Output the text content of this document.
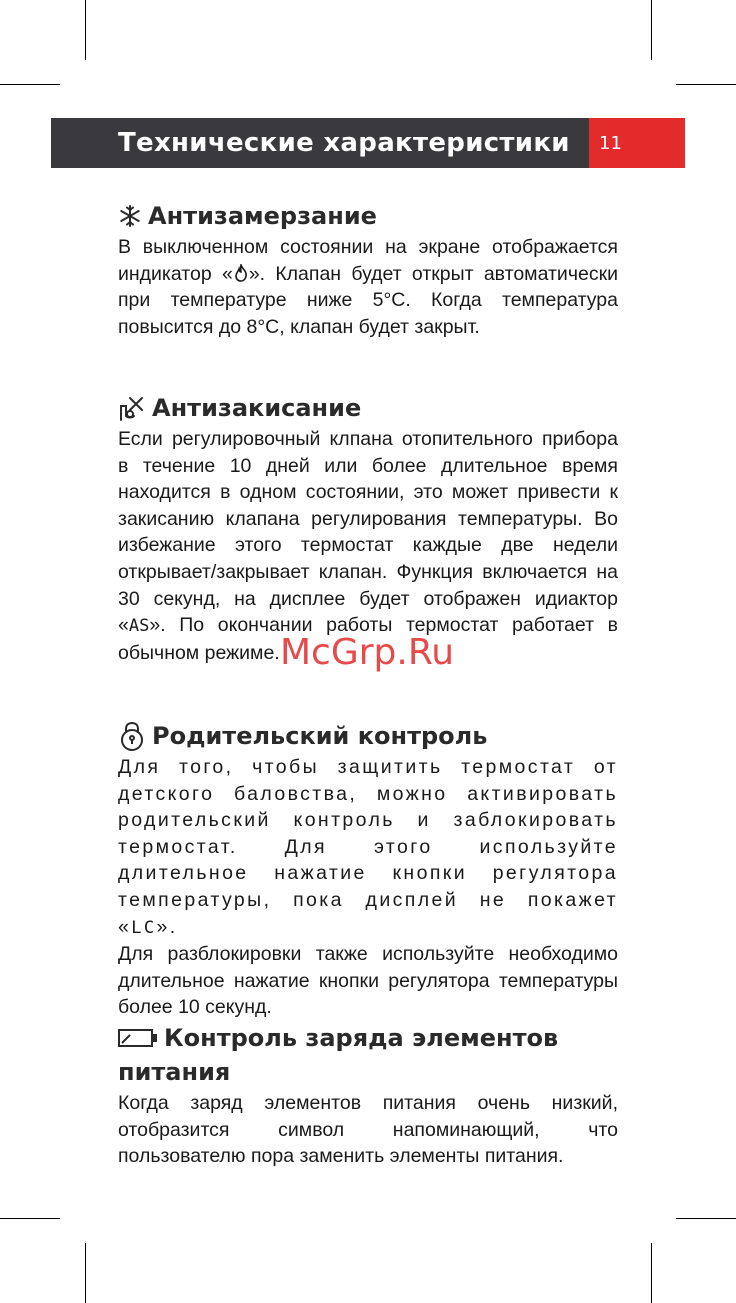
Технические характеристики	11
Антизамерзание

В выключенном состоянии на экране отображается индикатор « ». Клапан будет открыт автоматически при температуре ниже 5°C. Когда температура повысится до 8°C, клапан будет закрыт.

Антизакисание

Если регулировочный клпана отопительного прибора в течение 10 дней или более длительное время находится в одном состоянии, это может привести к закисанию клапана регулирования температуры. Во избежание этого термостат каждые две недели открывает/закрывает клапан. Функция включается на 30 секунд, на дисплее будет отображен идиактор «AS». По окончании работы термостат работает в обычном режиме.

Родительский контроль

Для того, чтобы защитить термостат от детского баловства, можно активировать родительский контроль и заблокировать термостат. Для этого используйте длительное нажатие кнопки регулятора температуры, пока дисплей не покажет «LC».

Для разблокировки также используйте необходимо длительное нажатие кнопки регулятора температуры более 10 секунд.

Контроль заряда элементов
питания

Когда заряд элементов питания очень низкий, отобразится символ напоминающий, что пользователю пора заменить элементы питания.

McGrp.Ru
